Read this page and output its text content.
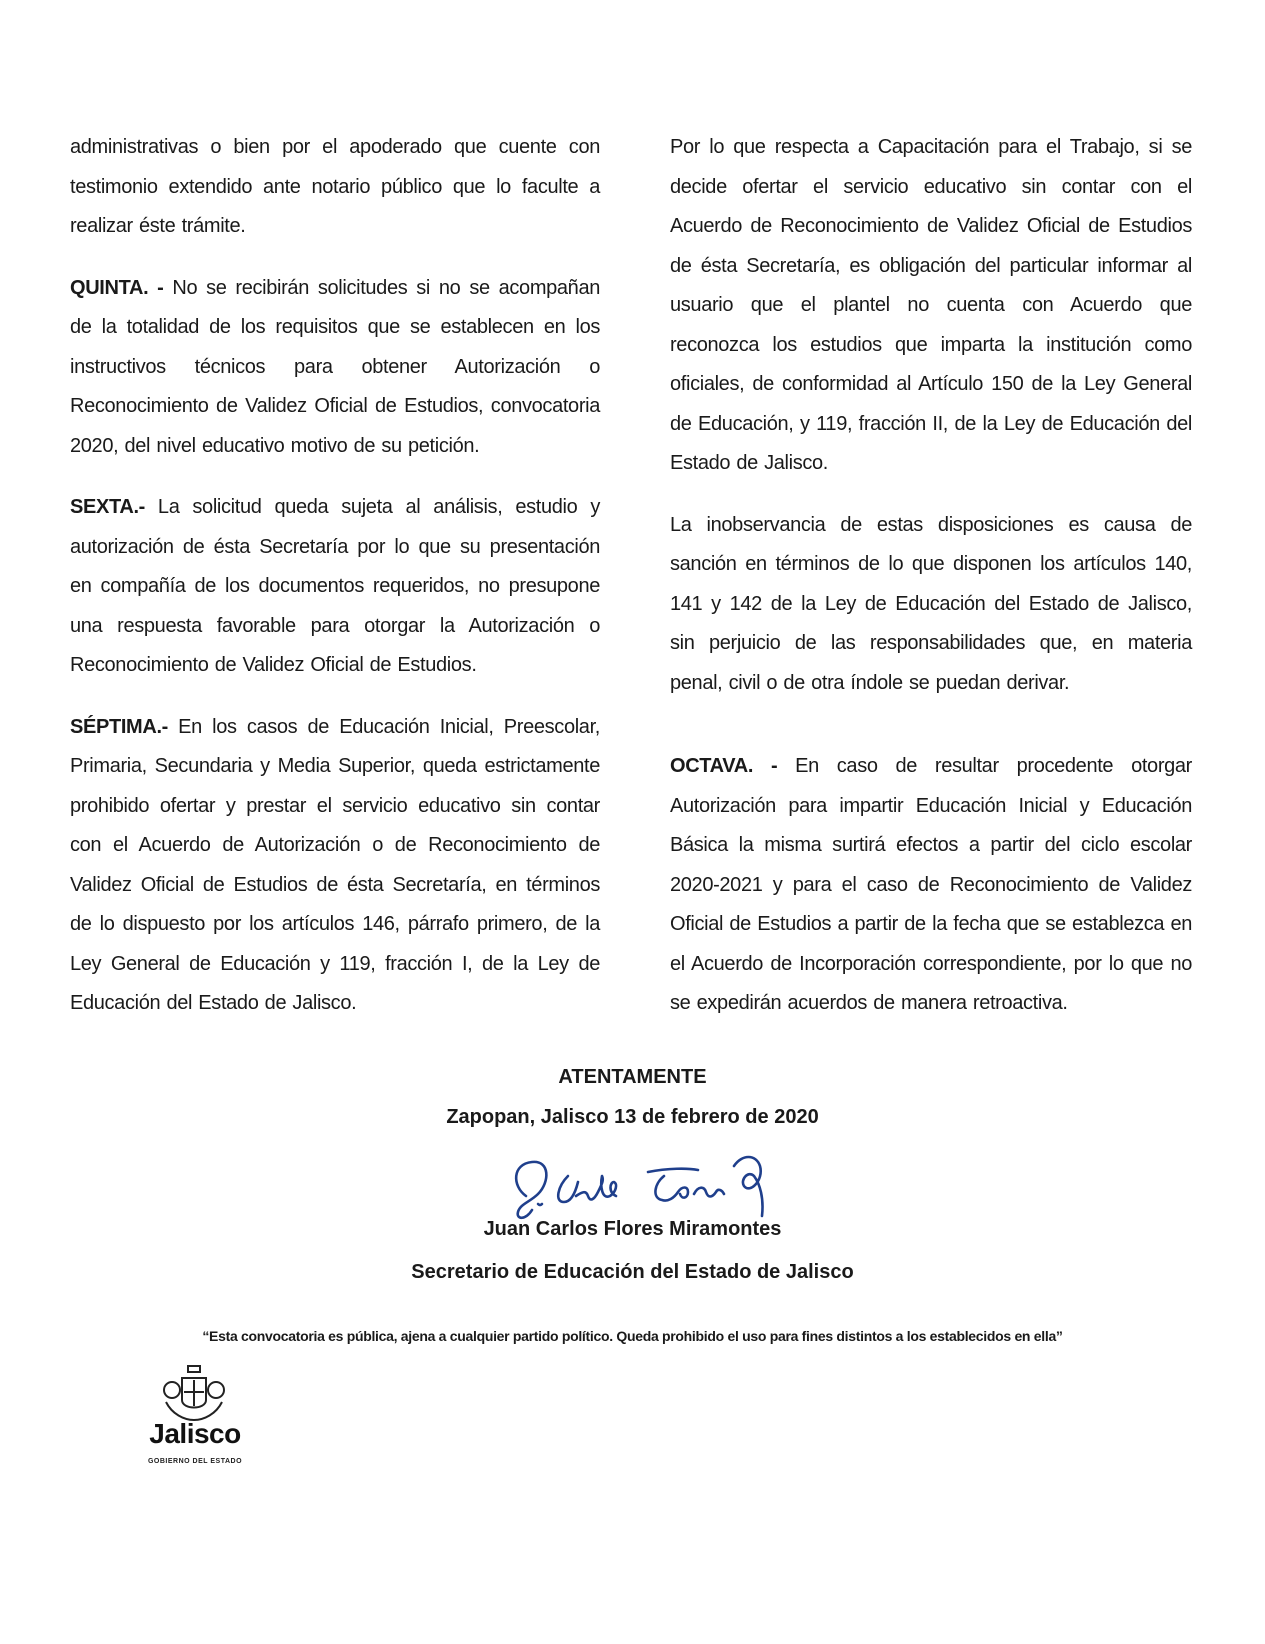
administrativas o bien por el apoderado que cuente con testimonio extendido ante notario público que lo faculte a realizar éste trámite.

QUINTA. - No se recibirán solicitudes si no se acompañan de la totalidad de los requisitos que se establecen en los instructivos técnicos para obtener Autorización o Reconocimiento de Validez Oficial de Estudios, convocatoria 2020, del nivel educativo motivo de su petición.

SEXTA.- La solicitud queda sujeta al análisis, estudio y autorización de ésta Secretaría por lo que su presentación en compañía de los documentos requeridos, no presupone una respuesta favorable para otorgar la Autorización o Reconocimiento de Validez Oficial de Estudios.

SÉPTIMA.- En los casos de Educación Inicial, Preescolar, Primaria, Secundaria y Media Superior, queda estrictamente prohibido ofertar y prestar el servicio educativo sin contar con el Acuerdo de Autorización o de Reconocimiento de Validez Oficial de Estudios de ésta Secretaría, en términos de lo dispuesto por los artículos 146, párrafo primero, de la Ley General de Educación y 119, fracción I, de la Ley de Educación del Estado de Jalisco.

Por lo que respecta a Capacitación para el Trabajo, si se decide ofertar el servicio educativo sin contar con el Acuerdo de Reconocimiento de Validez Oficial de Estudios de ésta Secretaría, es obligación del particular informar al usuario que el plantel no cuenta con Acuerdo que reconozca los estudios que imparta la institución como oficiales, de conformidad al Artículo 150 de la Ley General de Educación, y 119, fracción II, de la Ley de Educación del Estado de Jalisco.

La inobservancia de estas disposiciones es causa de sanción en términos de lo que disponen los artículos 140, 141 y 142 de la Ley de Educación del Estado de Jalisco, sin perjuicio de las responsabilidades que, en materia penal, civil o de otra índole se puedan derivar.

OCTAVA. - En caso de resultar procedente otorgar Autorización para impartir Educación Inicial y Educación Básica la misma surtirá efectos a partir del ciclo escolar 2020-2021 y para el caso de Reconocimiento de Validez Oficial de Estudios a partir de la fecha que se establezca en el Acuerdo de Incorporación correspondiente, por lo que no se expedirán acuerdos de manera retroactiva.

ATENTAMENTE
Zapopan, Jalisco 13 de febrero de 2020
Juan Carlos Flores Miramontes
Secretario de Educación del Estado de Jalisco
“Esta convocatoria es pública, ajena a cualquier partido político. Queda prohibido el uso para fines distintos a los establecidos en ella”
Jalisco
GOBIERNO DEL ESTADO
